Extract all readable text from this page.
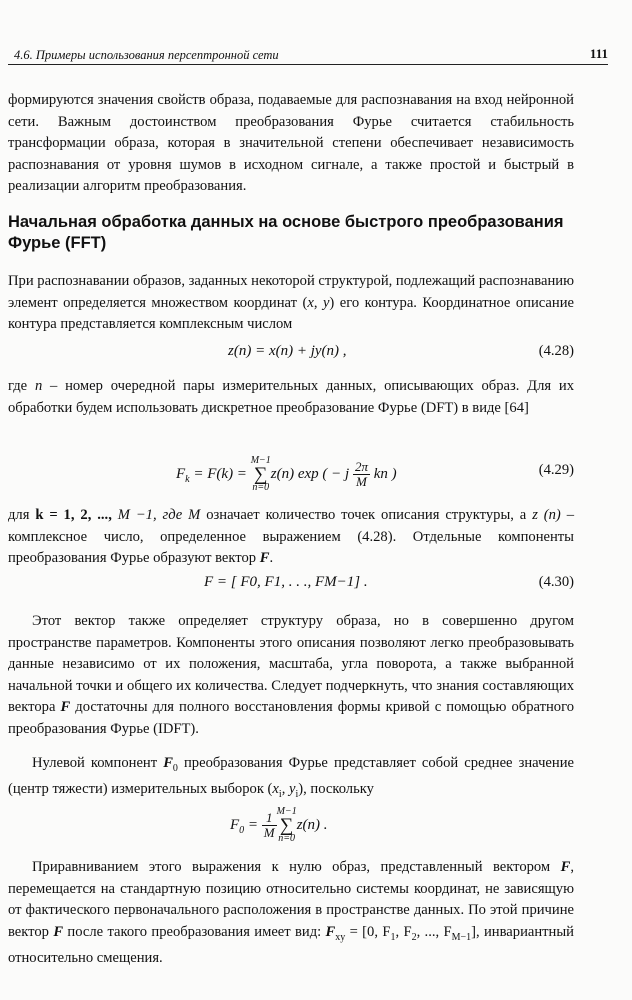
4.6. Примеры использования персептронной сети	111
формируются значения свойств образа, подаваемые для распознавания на вход нейронной сети. Важным достоинством преобразования Фурье считается стабильность трансформации образа, которая в значительной степени обеспечивает независимость распознавания от уровня шумов в исходном сигнале, а также простой и быстрый в реализации алгоритм преобразования.
Начальная обработка данных на основе быстрого преобразования Фурье (FFT)
При распознавании образов, заданных некоторой структурой, подлежащий распознаванию элемент определяется множеством координат (x, y) его контура. Координатное описание контура представляется комплексным числом
z(n) = x(n) + jy(n) ,	(4.28)
где n – номер очередной пары измерительных данных, описывающих образ. Для их обработки будем использовать дискретное преобразование Фурье (DFT) в виде [64]
$F_k = F(k) = M-1$
∑
n=0z(n) exp ( − j $\frac{2\pi}{M}$ kn )	(4.29)
для k = 1, 2, ..., M −1, где M означает количество точек описания структуры, а z (n) – комплексное число, определенное выражением (4.28). Отдельные компоненты преобразования Фурье образуют вектор F.
F = [ F0, F1, . . ., FM−1] .	(4.30)
Этот вектор также определяет структуру образа, но в совершенно другом пространстве параметров. Компоненты этого описания позволяют легко преобразовывать данные независимо от их положения, масштаба, угла поворота, а также выбранной начальной точки и общего их количества. Следует подчеркнуть, что знания составляющих вектора F достаточны для полного восстановления формы кривой с помощью обратного преобразования Фурье (IDFT).
Нулевой компонент $F_0$ преобразования Фурье представляет собой среднее значение (центр тяжести) измерительных выборок ($x_i$, $y_i$), поскольку
$F_0 = \frac{1}{M} M-1$
∑
n=0z(n) .
Приравниванием этого выражения к нулю образ, представленный вектором F, перемещается на стандартную позицию относительно системы координат, не зависящую от фактического первоначального расположения в пространстве данных. По этой причине вектор F после такого преобразования имеет вид: $F_{xy} = [0$, $F_1$, $F_2$, ..., $F_{M-1}$], инвариантный относительно смещения.
